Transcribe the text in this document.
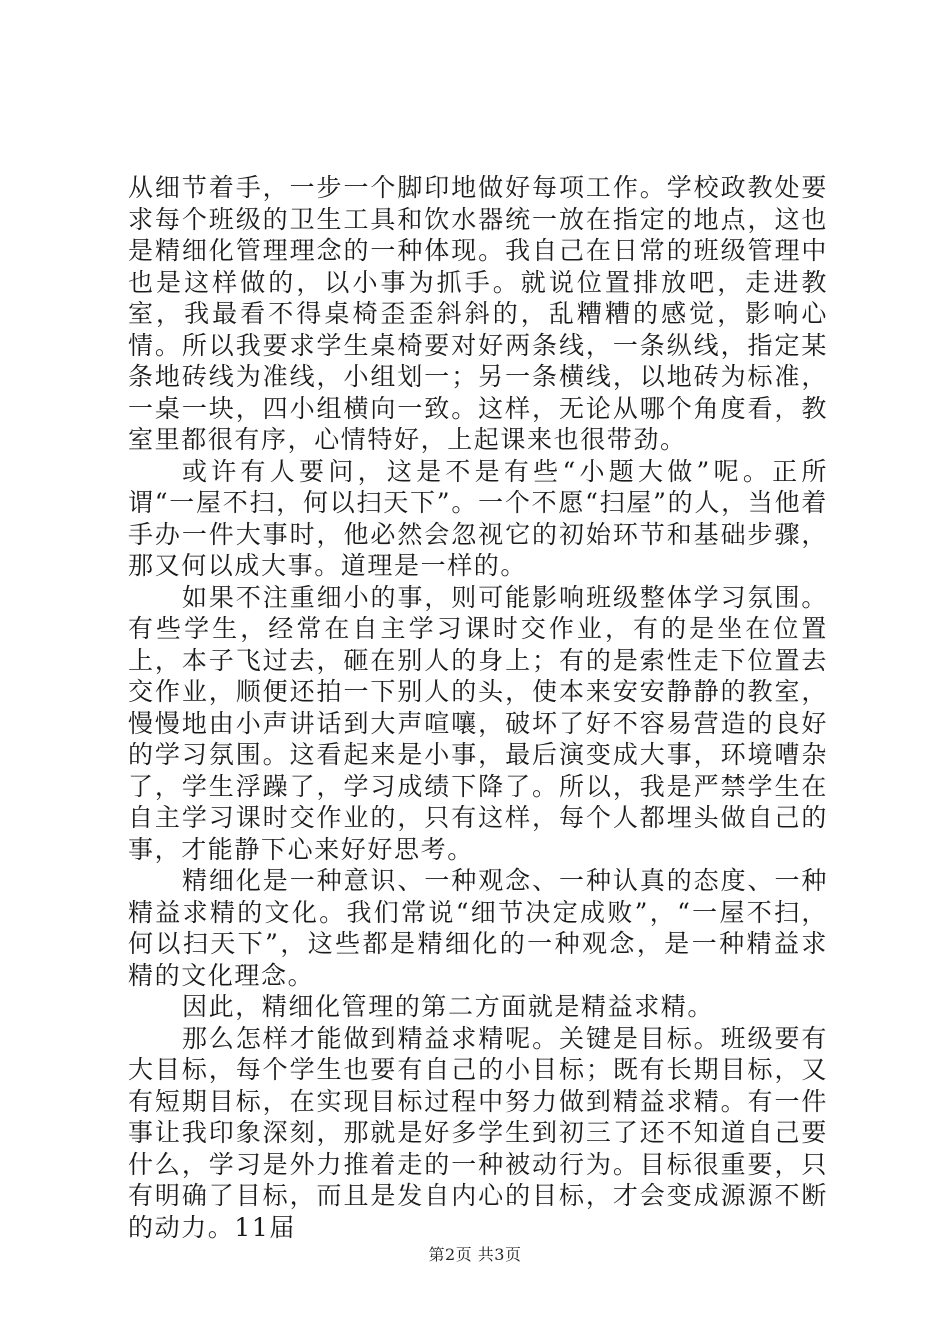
从细节着手，一步一个脚印地做好每项工作。学校政教处要求每个班级的卫生工具和饮水器统一放在指定的地点，这也是精细化管理理念的一种体现。我自己在日常的班级管理中也是这样做的，以小事为抓手。就说位置排放吧，走进教室，我最看不得桌椅歪歪斜斜的，乱糟糟的感觉，影响心情。所以我要求学生桌椅要对好两条线，一条纵线，指定某条地砖线为准线，小组划一；另一条横线，以地砖为标准，一桌一块，四小组横向一致。这样，无论从哪个角度看，教室里都很有序，心情特好，上起课来也很带劲。

或许有人要问，这是不是有些“小题大做”呢。正所谓“一屋不扫，何以扫天下”。一个不愿“扫屋”的人，当他着手办一件大事时，他必然会忽视它的初始环节和基础步骤，那又何以成大事。道理是一样的。

如果不注重细小的事，则可能影响班级整体学习氛围。有些学生，经常在自主学习课时交作业，有的是坐在位置上，本子飞过去，砸在别人的身上；有的是索性走下位置去交作业，顺便还拍一下别人的头，使本来安安静静的教室，慢慢地由小声讲话到大声喧嚷，破坏了好不容易营造的良好的学习氛围。这看起来是小事，最后演变成大事，环境嘈杂了，学生浮躁了，学习成绩下降了。所以，我是严禁学生在自主学习课时交作业的，只有这样，每个人都埋头做自己的事，才能静下心来好好思考。

精细化是一种意识、一种观念、一种认真的态度、一种精益求精的文化。我们常说“细节决定成败”，“一屋不扫，何以扫天下”，这些都是精细化的一种观念，是一种精益求精的文化理念。

因此，精细化管理的第二方面就是精益求精。

那么怎样才能做到精益求精呢。关键是目标。班级要有大目标，每个学生也要有自己的小目标；既有长期目标，又有短期目标，在实现目标过程中努力做到精益求精。有一件事让我印象深刻，那就是好多学生到初三了还不知道自己要什么，学习是外力推着走的一种被动行为。目标很重要，只有明确了目标，而且是发自内心的目标，才会变成源源不断的动力。11届

第2页 共3页
